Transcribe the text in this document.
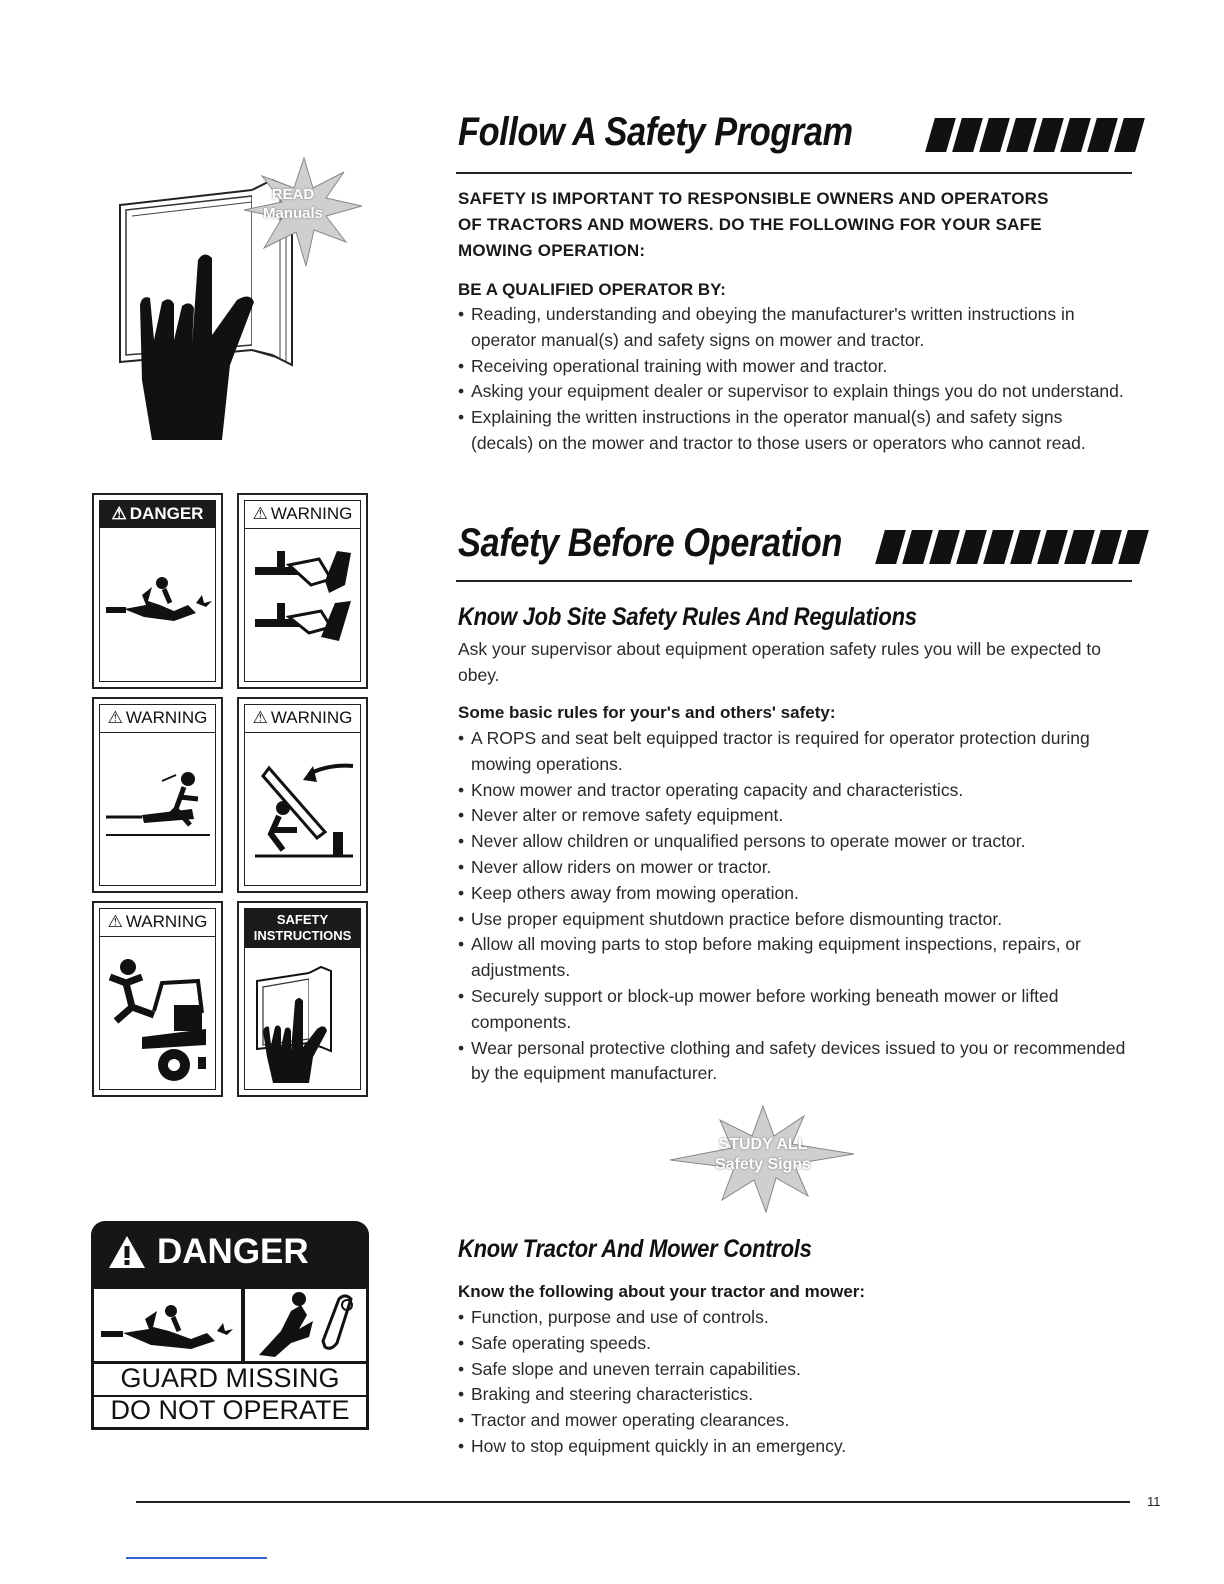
READ
Manuals
⚠ DANGER	⚠ WARNING
⚠ WARNING	⚠ WARNING
⚠ WARNING	SAFETY
INSTRUCTIONS
DANGER
GUARD MISSING
DO NOT OPERATE
Follow A Safety Program
SAFETY IS IMPORTANT TO RESPONSIBLE OWNERS AND OPERATORS OF TRACTORS AND MOWERS. DO THE FOLLOWING FOR YOUR SAFE MOWING OPERATION:
BE A QUALIFIED OPERATOR BY:
• Reading, understanding and obeying the manufacturer's written instructions in operator manual(s) and safety signs on mower and tractor.
• Receiving operational training with mower and tractor.
• Asking your equipment dealer or supervisor to explain things you do not understand.
• Explaining the written instructions in the operator manual(s) and safety signs (decals) on the mower and tractor to those users or operators who cannot read.
Safety Before Operation
Know Job Site Safety Rules And Regulations
Ask your supervisor about equipment operation safety rules you will be expected to obey.
Some basic rules for your's and others' safety:
• A ROPS and seat belt equipped tractor is required for operator protection during mowing operations.
• Know mower and tractor operating capacity and characteristics.
• Never alter or remove safety equipment.
• Never allow children or unqualified persons to operate mower or tractor.
• Never allow riders on mower or tractor.
• Keep others away from mowing operation.
• Use proper equipment shutdown practice before dismounting tractor.
• Allow all moving parts to stop before making equipment inspections, repairs, or adjustments.
• Securely support or block-up mower before working beneath mower or lifted components.
• Wear personal protective clothing and safety devices issued to you or recommended by the equipment manufacturer.
STUDY ALL
Safety Signs
Know Tractor And Mower Controls
Know the following about your tractor and mower:
• Function, purpose and use of controls.
• Safe operating speeds.
• Safe slope and uneven terrain capabilities.
• Braking and steering characteristics.
• Tractor and mower operating clearances.
• How to stop equipment quickly in an emergency.
11
